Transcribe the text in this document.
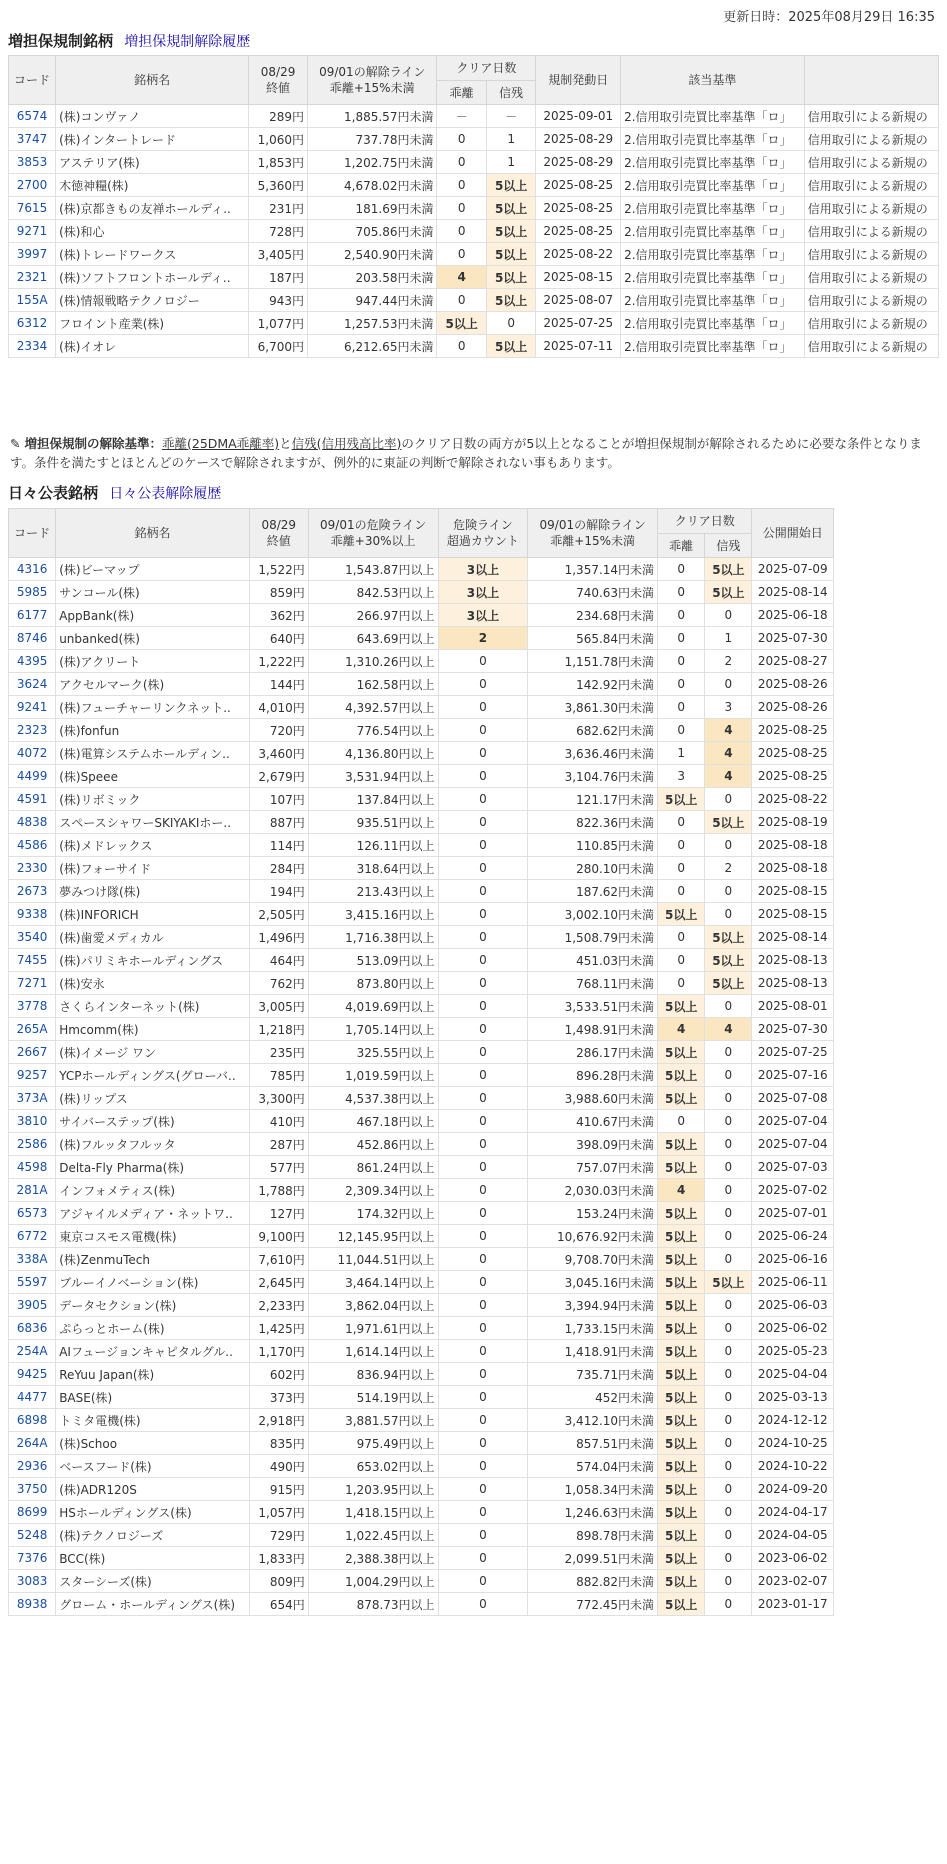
更新日時：2025年08月29日 16:35
増担保規制銘柄 増担保規制解除履歴
コード	銘柄名	08/29
終値	09/01の解除ライン
乖離+15%未満	クリア日数		規制発動日	該当基準	
				乖離	信残			
6574	(株)コンヴァノ	289円	1,885.57円未満	－	－	2025-09-01	2.信用取引売買比率基準「ロ」	信用取引による新規の
3747	(株)インタートレード	1,060円	737.78円未満	0	1	2025-08-29	2.信用取引売買比率基準「ロ」	信用取引による新規の
3853	アステリア(株)	1,853円	1,202.75円未満	0	1	2025-08-29	2.信用取引売買比率基準「ロ」	信用取引による新規の
2700	木徳神糧(株)	5,360円	4,678.02円未満	0	5以上	2025-08-25	2.信用取引売買比率基準「ロ」	信用取引による新規の
7615	(株)京都きもの友禅ホールディ..	231円	181.69円未満	0	5以上	2025-08-25	2.信用取引売買比率基準「ロ」	信用取引による新規の
9271	(株)和心	728円	705.86円未満	0	5以上	2025-08-25	2.信用取引売買比率基準「ロ」	信用取引による新規の
3997	(株)トレードワークス	3,405円	2,540.90円未満	0	5以上	2025-08-22	2.信用取引売買比率基準「ロ」	信用取引による新規の
2321	(株)ソフトフロントホールディ..	187円	203.58円未満	4	5以上	2025-08-15	2.信用取引売買比率基準「ロ」	信用取引による新規の
155A	(株)情報戦略テクノロジー	943円	947.44円未満	0	5以上	2025-08-07	2.信用取引売買比率基準「ロ」	信用取引による新規の
6312	フロイント産業(株)	1,077円	1,257.53円未満	5以上	0	2025-07-25	2.信用取引売買比率基準「ロ」	信用取引による新規の
2334	(株)イオレ	6,700円	6,212.65円未満	0	5以上	2025-07-11	2.信用取引売買比率基準「ロ」	信用取引による新規の
✎ 増担保規制の解除基準：乖離(25DMA乖離率)と信残(信用残高比率)のクリア日数の両方が5以上となることが増担保規制が解除されるために必要な条件となります。条件を満たすとほとんどのケースで解除されますが、例外的に東証の判断で解除されない事もあります。
日々公表銘柄 日々公表解除履歴
コード	銘柄名	08/29
終値	09/01の危険ライン
乖離+30%以上	危険ライン
超過カウント	09/01の解除ライン
乖離+15%未満	クリア日数		公開開始日
						乖離	信残	
4316	(株)ビーマップ	1,522円	1,543.87円以上	3以上	1,357.14円未満	0	5以上	2025-07-09
5985	サンコール(株)	859円	842.53円以上	3以上	740.63円未満	0	5以上	2025-08-14
6177	AppBank(株)	362円	266.97円以上	3以上	234.68円未満	0	0	2025-06-18
8746	unbanked(株)	640円	643.69円以上	2	565.84円未満	0	1	2025-07-30
4395	(株)アクリート	1,222円	1,310.26円以上	0	1,151.78円未満	0	2	2025-08-27
3624	アクセルマーク(株)	144円	162.58円以上	0	142.92円未満	0	0	2025-08-26
9241	(株)フューチャーリンクネット..	4,010円	4,392.57円以上	0	3,861.30円未満	0	3	2025-08-26
2323	(株)fonfun	720円	776.54円以上	0	682.62円未満	0	4	2025-08-25
4072	(株)電算システムホールディン..	3,460円	4,136.80円以上	0	3,636.46円未満	1	4	2025-08-25
4499	(株)Speee	2,679円	3,531.94円以上	0	3,104.76円未満	3	4	2025-08-25
4591	(株)リボミック	107円	137.84円以上	0	121.17円未満	5以上	0	2025-08-22
4838	スペースシャワーSKIYAKIホー..	887円	935.51円以上	0	822.36円未満	0	5以上	2025-08-19
4586	(株)メドレックス	114円	126.11円以上	0	110.85円未満	0	0	2025-08-18
2330	(株)フォーサイド	284円	318.64円以上	0	280.10円未満	0	2	2025-08-18
2673	夢みつけ隊(株)	194円	213.43円以上	0	187.62円未満	0	0	2025-08-15
9338	(株)INFORICH	2,505円	3,415.16円以上	0	3,002.10円未満	5以上	0	2025-08-15
3540	(株)歯愛メディカル	1,496円	1,716.38円以上	0	1,508.79円未満	0	5以上	2025-08-14
7455	(株)パリミキホールディングス	464円	513.09円以上	0	451.03円未満	0	5以上	2025-08-13
7271	(株)安永	762円	873.80円以上	0	768.11円未満	0	5以上	2025-08-13
3778	さくらインターネット(株)	3,005円	4,019.69円以上	0	3,533.51円未満	5以上	0	2025-08-01
265A	Hmcomm(株)	1,218円	1,705.14円以上	0	1,498.91円未満	4	4	2025-07-30
2667	(株)イメージ ワン	235円	325.55円以上	0	286.17円未満	5以上	0	2025-07-25
9257	YCPホールディングス(グローバ..	785円	1,019.59円以上	0	896.28円未満	5以上	0	2025-07-16
373A	(株)リップス	3,300円	4,537.38円以上	0	3,988.60円未満	5以上	0	2025-07-08
3810	サイバーステップ(株)	410円	467.18円以上	0	410.67円未満	0	0	2025-07-04
2586	(株)フルッタフルッタ	287円	452.86円以上	0	398.09円未満	5以上	0	2025-07-04
4598	Delta-Fly Pharma(株)	577円	861.24円以上	0	757.07円未満	5以上	0	2025-07-03
281A	インフォメティス(株)	1,788円	2,309.34円以上	0	2,030.03円未満	4	0	2025-07-02
6573	アジャイルメディア・ネットワ..	127円	174.32円以上	0	153.24円未満	5以上	0	2025-07-01
6772	東京コスモス電機(株)	9,100円	12,145.95円以上	0	10,676.92円未満	5以上	0	2025-06-24
338A	(株)ZenmuTech	7,610円	11,044.51円以上	0	9,708.70円未満	5以上	0	2025-06-16
5597	ブルーイノベーション(株)	2,645円	3,464.14円以上	0	3,045.16円未満	5以上	5以上	2025-06-11
3905	データセクション(株)	2,233円	3,862.04円以上	0	3,394.94円未満	5以上	0	2025-06-03
6836	ぷらっとホーム(株)	1,425円	1,971.61円以上	0	1,733.15円未満	5以上	0	2025-06-02
254A	AIフュージョンキャピタルグル..	1,170円	1,614.14円以上	0	1,418.91円未満	5以上	0	2025-05-23
9425	ReYuu Japan(株)	602円	836.94円以上	0	735.71円未満	5以上	0	2025-04-04
4477	BASE(株)	373円	514.19円以上	0	452円未満	5以上	0	2025-03-13
6898	トミタ電機(株)	2,918円	3,881.57円以上	0	3,412.10円未満	5以上	0	2024-12-12
264A	(株)Schoo	835円	975.49円以上	0	857.51円未満	5以上	0	2024-10-25
2936	ベースフード(株)	490円	653.02円以上	0	574.04円未満	5以上	0	2024-10-22
3750	(株)ADR120S	915円	1,203.95円以上	0	1,058.34円未満	5以上	0	2024-09-20
8699	HSホールディングス(株)	1,057円	1,418.15円以上	0	1,246.63円未満	5以上	0	2024-04-17
5248	(株)テクノロジーズ	729円	1,022.45円以上	0	898.78円未満	5以上	0	2024-04-05
7376	BCC(株)	1,833円	2,388.38円以上	0	2,099.51円未満	5以上	0	2023-06-02
3083	スターシーズ(株)	809円	1,004.29円以上	0	882.82円未満	5以上	0	2023-02-07
8938	グローム・ホールディングス(株)	654円	878.73円以上	0	772.45円未満	5以上	0	2023-01-17
